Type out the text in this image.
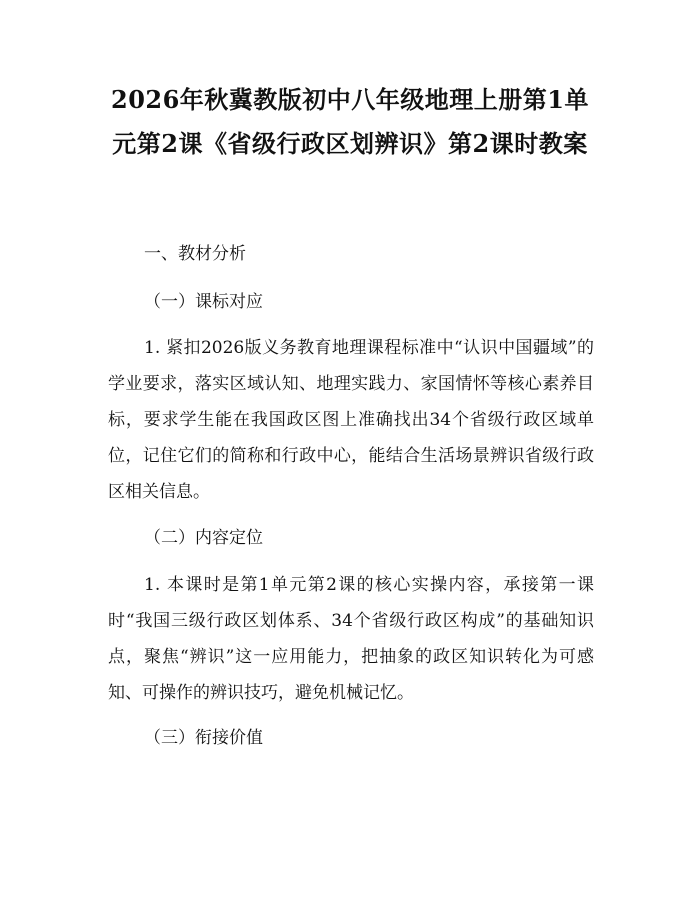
2026年秋冀教版初中八年级地理上册第1单元第2课《省级行政区划辨识》第2课时教案
一、教材分析
（一）课标对应
1. 紧扣2026版义务教育地理课程标准中“认识中国疆域”的学业要求，落实区域认知、地理实践力、家国情怀等核心素养目标，要求学生能在我国政区图上准确找出34个省级行政区域单位，记住它们的简称和行政中心，能结合生活场景辨识省级行政区相关信息。
（二）内容定位
1. 本课时是第1单元第2课的核心实操内容，承接第一课时“我国三级行政区划体系、34个省级行政区构成”的基础知识点，聚焦“辨识”这一应用能力，把抽象的政区知识转化为可感知、可操作的辨识技巧，避免机械记忆。
（三）衔接价值
